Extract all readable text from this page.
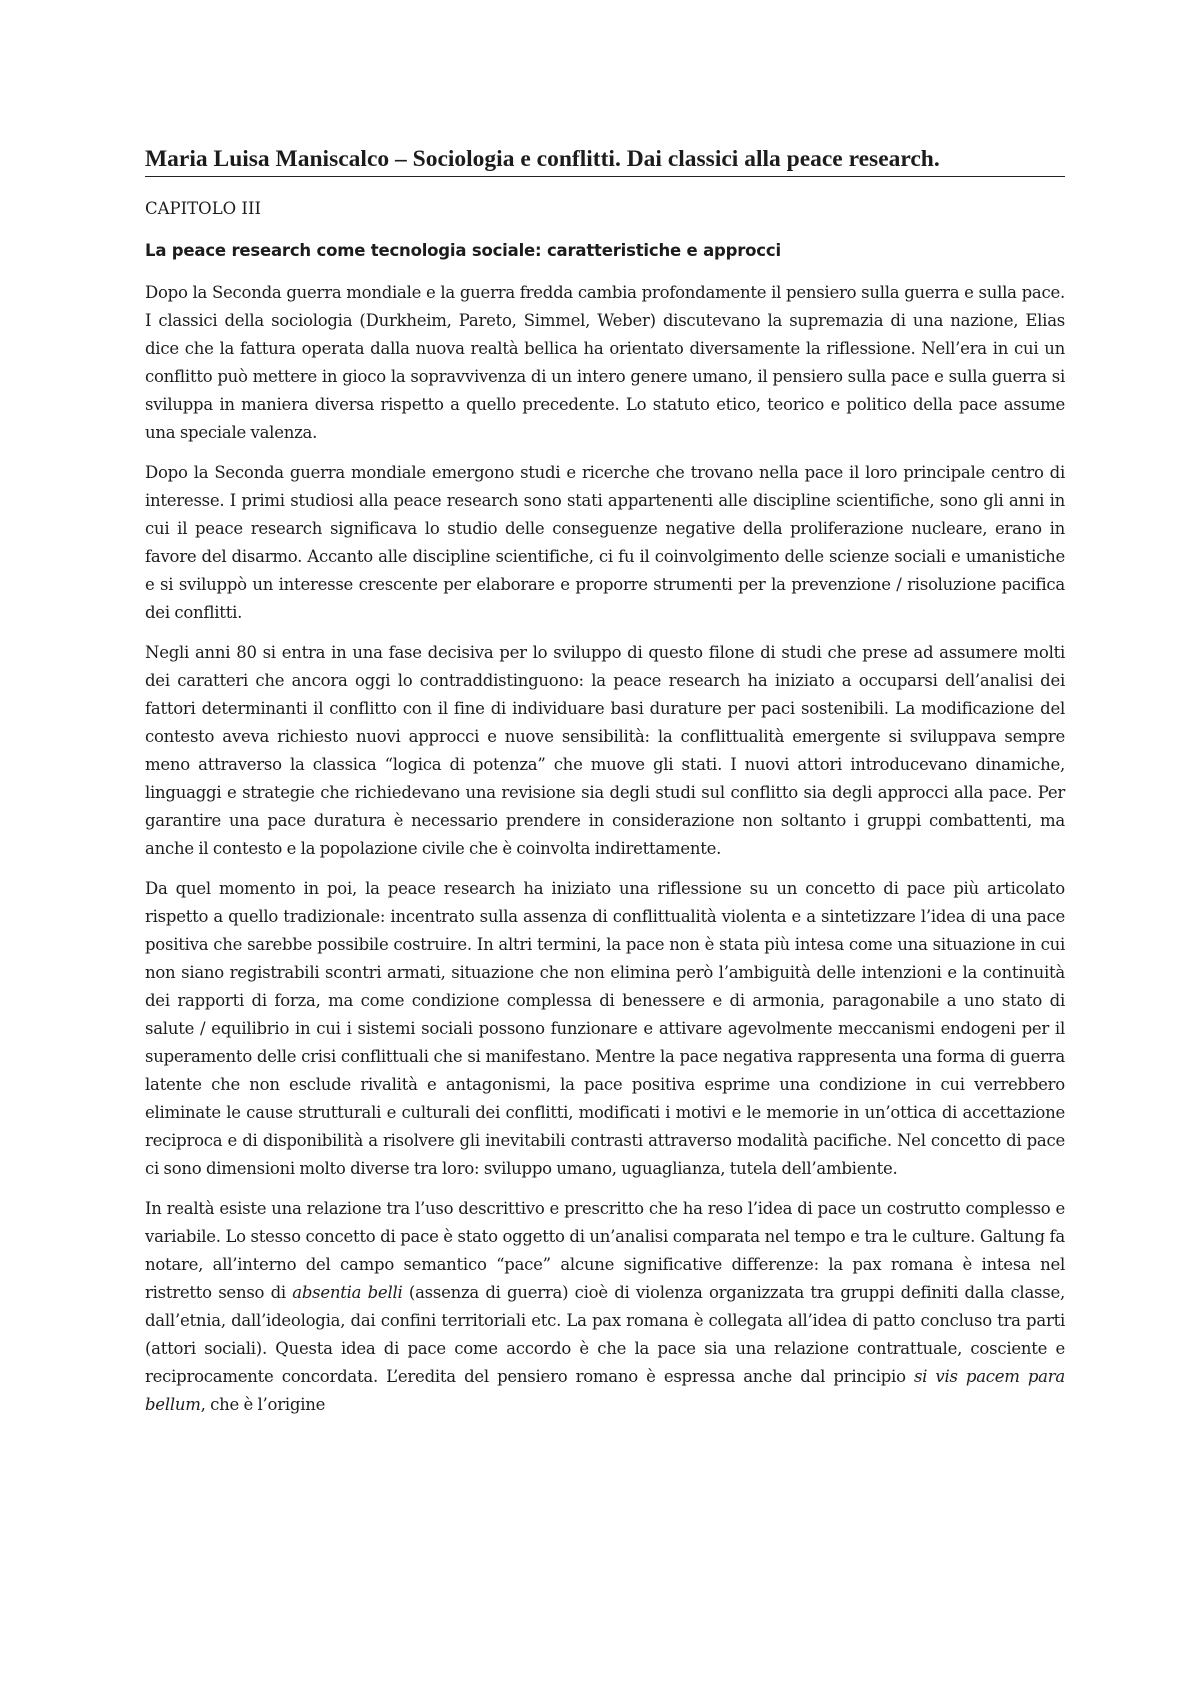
Maria Luisa Maniscalco – Sociologia e conflitti. Dai classici alla peace research.

CAPITOLO III

La peace research come tecnologia sociale: caratteristiche e approcci

Dopo la Seconda guerra mondiale e la guerra fredda cambia profondamente il pensiero sulla guerra e sulla pace. I classici della sociologia (Durkheim, Pareto, Simmel, Weber) discutevano la supremazia di una nazione, Elias dice che la fattura operata dalla nuova realtà bellica ha orientato diversamente la riflessione. Nell’era in cui un conflitto può mettere in gioco la sopravvivenza di un intero genere umano, il pensiero sulla pace e sulla guerra si sviluppa in maniera diversa rispetto a quello precedente. Lo statuto etico, teorico e politico della pace assume una speciale valenza.

Dopo la Seconda guerra mondiale emergono studi e ricerche che trovano nella pace il loro principale centro di interesse. I primi studiosi alla peace research sono stati appartenenti alle discipline scientifiche, sono gli anni in cui il peace research significava lo studio delle conseguenze negative della proliferazione nucleare, erano in favore del disarmo. Accanto alle discipline scientifiche, ci fu il coinvolgimento delle scienze sociali e umanistiche e si sviluppò un interesse crescente per elaborare e proporre strumenti per la prevenzione / risoluzione pacifica dei conflitti.

Negli anni 80 si entra in una fase decisiva per lo sviluppo di questo filone di studi che prese ad assumere molti dei caratteri che ancora oggi lo contraddistinguono: la peace research ha iniziato a occuparsi dell’analisi dei fattori determinanti il conflitto con il fine di individuare basi durature per paci sostenibili. La modificazione del contesto aveva richiesto nuovi approcci e nuove sensibilità: la conflittualità emergente si sviluppava sempre meno attraverso la classica “logica di potenza” che muove gli stati. I nuovi attori introducevano dinamiche, linguaggi e strategie che richiedevano una revisione sia degli studi sul conflitto sia degli approcci alla pace. Per garantire una pace duratura è necessario prendere in considerazione non soltanto i gruppi combattenti, ma anche il contesto e la popolazione civile che è coinvolta indirettamente.

Da quel momento in poi, la peace research ha iniziato una riflessione su un concetto di pace più articolato rispetto a quello tradizionale: incentrato sulla assenza di conflittualità violenta e a sintetizzare l’idea di una pace positiva che sarebbe possibile costruire. In altri termini, la pace non è stata più intesa come una situazione in cui non siano registrabili scontri armati, situazione che non elimina però l’ambiguità delle intenzioni e la continuità dei rapporti di forza, ma come condizione complessa di benessere e di armonia, paragonabile a uno stato di salute / equilibrio in cui i sistemi sociali possono funzionare e attivare agevolmente meccanismi endogeni per il superamento delle crisi conflittuali che si manifestano. Mentre la pace negativa rappresenta una forma di guerra latente che non esclude rivalità e antagonismi, la pace positiva esprime una condizione in cui verrebbero eliminate le cause strutturali e culturali dei conflitti, modificati i motivi e le memorie in un’ottica di accettazione reciproca e di disponibilità a risolvere gli inevitabili contrasti attraverso modalità pacifiche. Nel concetto di pace ci sono dimensioni molto diverse tra loro: sviluppo umano, uguaglianza, tutela dell’ambiente.

In realtà esiste una relazione tra l’uso descrittivo e prescritto che ha reso l’idea di pace un costrutto complesso e variabile. Lo stesso concetto di pace è stato oggetto di un’analisi comparata nel tempo e tra le culture. Galtung fa notare, all’interno del campo semantico “pace” alcune significative differenze: la pax romana è intesa nel ristretto senso di absentia belli (assenza di guerra) cioè di violenza organizzata tra gruppi definiti dalla classe, dall’etnia, dall’ideologia, dai confini territoriali etc. La pax romana è collegata all’idea di patto concluso tra parti (attori sociali). Questa idea di pace come accordo è che la pace sia una relazione contrattuale, cosciente e reciprocamente concordata. L’eredita del pensiero romano è espressa anche dal principio si vis pacem para bellum, che è l’origine
